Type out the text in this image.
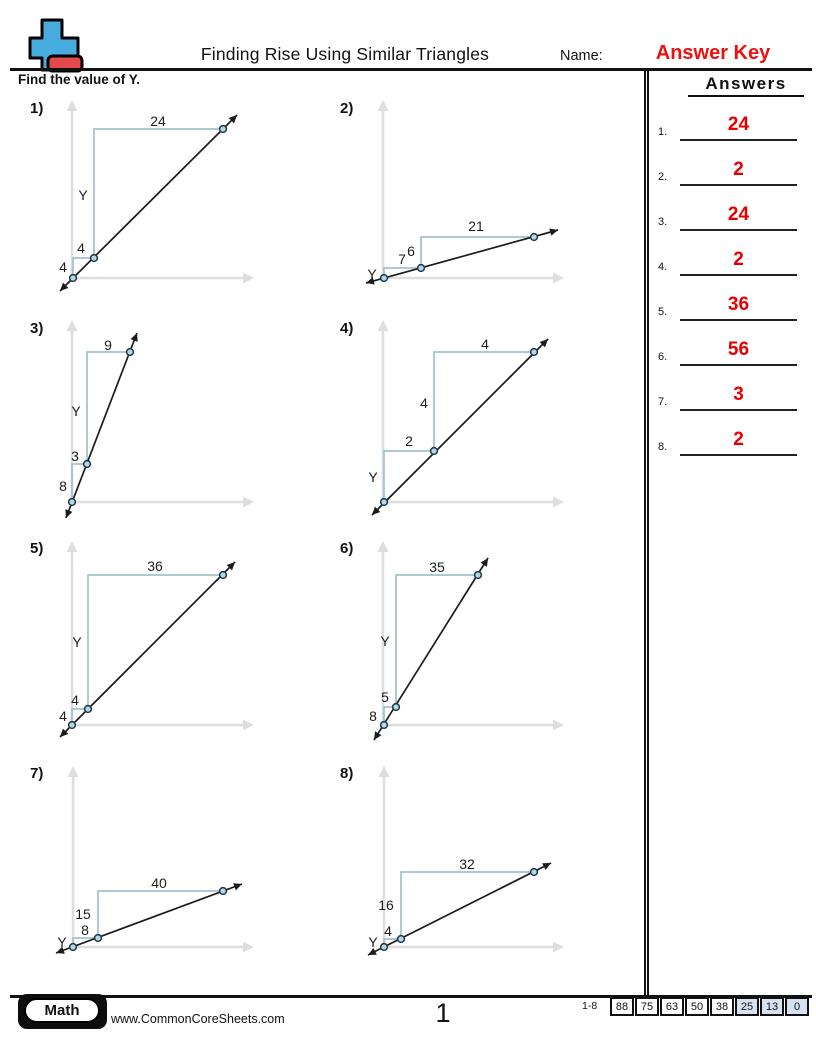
Finding Rise Using Similar Triangles	Name:	Answer Key
Find the value of Y.
1)
4
4
Y
24
2)
Y
7 6
21
3)
8
3
Y
9
4)
Y
2
4
4
5)
4
4
Y
36
6)
8
5
Y
35
7)
Y
8
15
40
8)
Y
4
16
32
Answers
1.	24
2.	2
3.	24
4.	2
5.	36
6.	56
7.	3
8.	2
Math	www.CommonCoreSheets.com	1	1-8	88	75	63	50	38	25	13	0
